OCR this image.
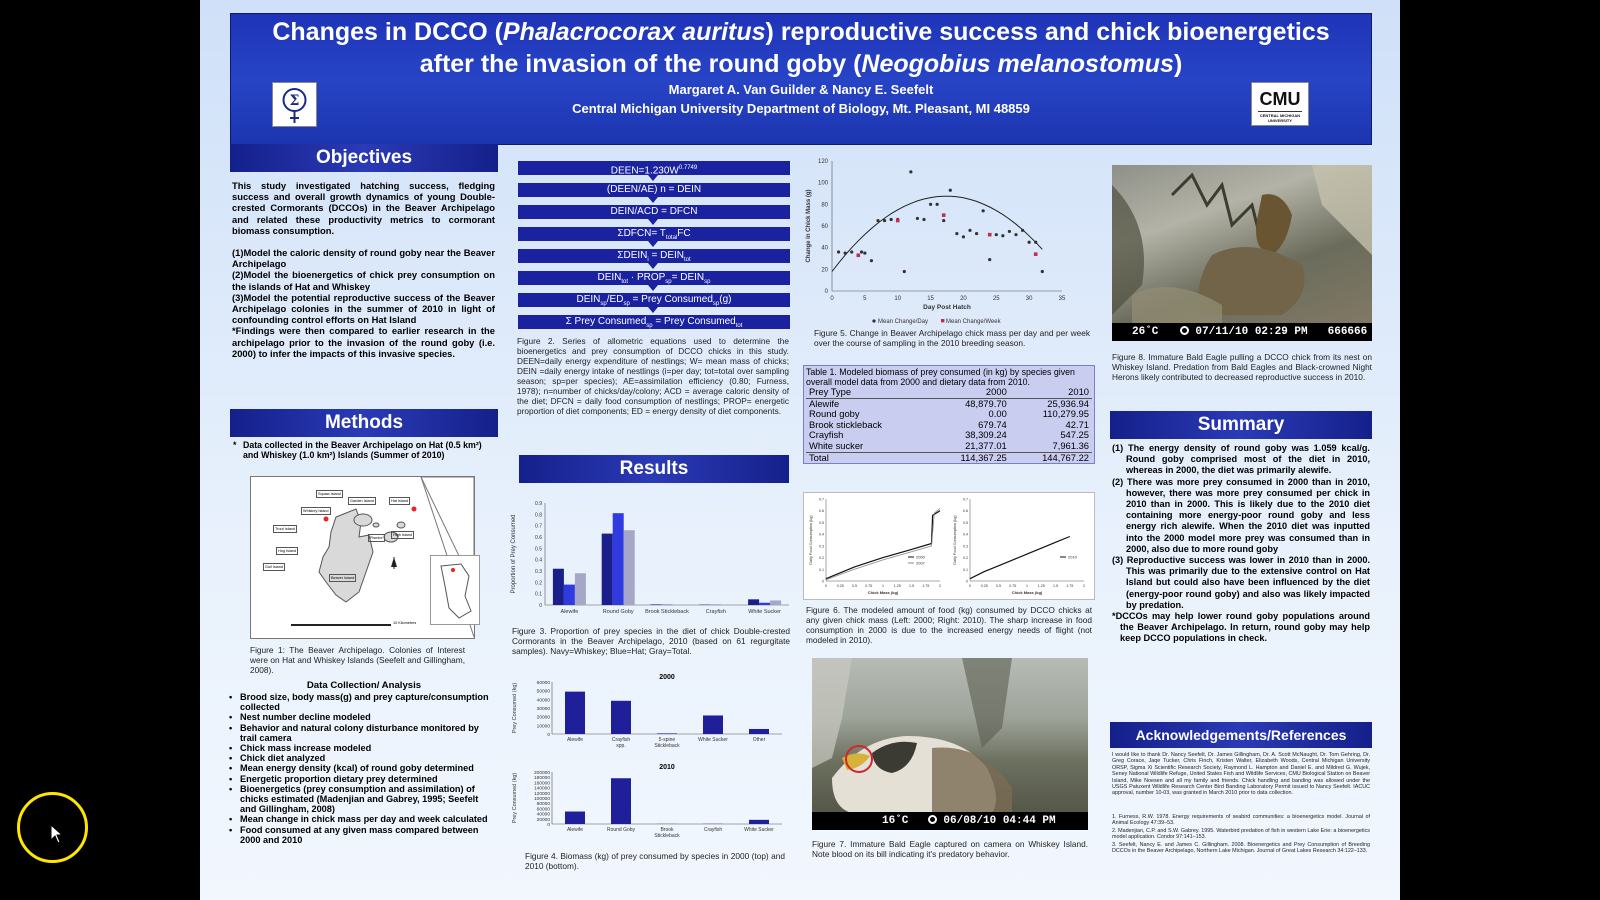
Changes in DCCO (Phalacrocorax auritus) reproductive success and chick bioenergetics
after the invasion of the round goby (Neogobius melanostomus)
Margaret A. Van Guilder & Nancy E. Seefelt
Central Michigan University Department of Biology, Mt. Pleasant, MI 48859
Σ	CMU
CENTRAL MICHIGAN UNIVERSITY
Objectives
This study investigated hatching success, fledging success and overall growth dynamics of young Double-crested Cormorants (DCCOs) in the Beaver Archipelago and related these productivity metrics to cormorant biomass consumption.
(1)Model the caloric density of round goby near the Beaver Archipelago
(2)Model the bioenergetics of chick prey consumption on the islands of Hat and Whiskey
(3)Model the potential reproductive success of the Beaver Archipelago colonies in the summer of 2010 in light of confounding control efforts on Hat Island
*Findings were then compared to earlier research in the archipelago prior to the invasion of the round goby (i.e. 2000) to infer the impacts of this invasive species.
Methods
* Data collected in the Beaver Archipelago on Hat (0.5 km²) and Whiskey (1.0 km²) Islands (Summer of 2010)
Squaw Island
Garden Island	Hat Island
Whiskey Island
Trout Island
Hog Island
High Island
Gull Island
Beaver Island
Pismire
10 Kilometers
Figure 1: The Beaver Archipelago. Colonies of Interest were on Hat and Whiskey Islands (Seefelt and Gillingham, 2008).
Data Collection/ Analysis
• Brood size, body mass(g) and prey capture/consumption collected
• Nest number decline modeled
• Behavior and natural colony disturbance monitored by trail camera
• Chick mass increase modeled
• Chick diet analyzed
• Mean energy density (kcal) of round goby determined
• Energetic proportion dietary prey determined
• Bioenergetics (prey consumption and assimilation) of chicks estimated (Madenjian and Gabrey, 1995; Seefelt and Gillingham, 2008)
• Mean change in chick mass per day and week calculated
• Food consumed at any given mass compared between 2000 and 2010
$DEEN=1.230W^{0.7749}$
(DEEN/AE) n = DEIN
DEIN/ACD = DFCN
ΣDFCN= $T_{total}FC$
$\Sigma DEIN_i$ = $DEIN_{tot}$
$DEIN_{tot}$ · $PROP_{sp}=$ $DEIN_{sp}$
$DEIN_{sp}/ED_{sp}$ = Prey Consumed$_{sp}$(g)
Σ Prey Consumed$_{sp}$ = Prey Consumed$_{tot}$
Figure 2. Series of allometric equations used to determine the bioenergetics and prey consumption of DCCO chicks in this study. DEEN=daily energy expenditure of nestlings; W= mean mass of chicks; DEIN =daily energy intake of nestlings (i=per day; tot=total over sampling season; sp=per species); AE=assimilation efficiency (0.80; Furness, 1978); n=number of chicks/day/colony; ACD = average caloric density of the diet; DFCN = daily food consumption of nestlings; PROP= energetic proportion of diet components; ED = energy density of diet components.
Results
0
0.1
0.2
0.3
0.4
0.5
0.6
0.7
0.8
0.9
Proportion of Prey Consumed
Alewife	Round Goby Brook Stickleback	Crayfish	White Sucker
Figure 3. Proportion of prey species in the diet of chick Double-crested Cormorants in the Beaver Archipelago, 2010 (based on 61 regurgitate samples). Navy=Whiskey; Blue=Hat; Gray=Total.
2000
0
10000
20000
30000
40000
50000
60000
Prey Consumed (kg)
Alewife	Crayfish
spp.
5-spine
Stickleback
White Sucker	Other
2010
0
20000
40000
60000
80000
100000
120000
140000
160000
180000
200000
Prey Consumed (kg)
Alewife	Round Goby	Brook
Stickleback
Crayfish	White Sucker
Figure 4. Biomass (kg) of prey consumed by species in 2000 (top) and 2010 (bottom).
0
20
40
60
80
100
120
0	5	10	15	20	25	30	35
Day Post Hatch
Change in Chick Mass (g)
Mean Change/Day	Mean Change/Week
Figure 5. Change in Beaver Archipelago chick mass per day and per week over the course of sampling in the 2010 breeding season.
Table 1. Modeled biomass of prey consumed (in kg) by species given overall model data from 2000 and dietary data from 2010.
Prey Type	2000	2010
Alewife	48,879.70	25,936.94
Round goby	0.00	110,279.95
Brook stickleback	679.74	42.71
Crayfish	38,309.24	547.25
White sucker	21,377.01	7,961.36
Total	114,367.25	144,767.22
0
0.1
0.2
0.3
0.4
0.5
0.6
0.7
0	0.25 0.5 0.75	1	1.25 1.5 1.75	2
Chick Mass (kg)
Daily Food Consumption (kg)	2000
2007
0
0.1
0.2
0.3
0.4
0.5
0.6
0.7
0	0.25 0.5 0.75	1	1.25 1.5 1.75	2
Chick Mass (kg)
Daily Food Consumption (kg)	2010
Figure 6. The modeled amount of food (kg) consumed by DCCO chicks at any given chick mass (Left: 2000; Right: 2010). The sharp increase in food consumption in 2000 is due to the increased energy needs of flight (not modeled in 2010).
16˚C	06/08/10 04:44 PM
Figure 7. Immature Bald Eagle captured on camera on Whiskey Island. Note blood on its bill indicating it's predatory behavior.
26˚C	07/11/10 02:29 PM 666666
Figure 8. Immature Bald Eagle pulling a DCCO chick from its nest on Whiskey Island. Predation from Bald Eagles and Black-crowned Night Herons likely contributed to decreased reproductive success in 2010.
Summary
(1) The energy density of round goby was 1.059 kcal/g. Round goby comprised most of the diet in 2010, whereas in 2000, the diet was primarily alewife.
(2) There was more prey consumed in 2000 than in 2010, however, there was more prey consumed per chick in 2010 than in 2000. This is likely due to the 2010 diet containing more energy-poor round goby and less energy rich alewife. When the 2010 diet was inputted into the 2000 model more prey was consumed than in 2000, also due to more round goby
(3) Reproductive success was lower in 2010 than in 2000. This was primarily due to the extensive control on Hat Island but could also have been influenced by the diet (energy-poor round goby) and also was likely impacted by predation.
*DCCOs may help lower round goby populations around the Beaver Archipelago. In return, round goby may help keep DCCO populations in check.
Acknowledgements/References
I would like to thank Dr. Nancy Seefelt, Dr. James Gillingham, Dr. A. Scott McNaught, Dr. Tom Gehring, Dr. Greg Corace, Jaqe Tucker, Chris Finch, Kristen Walter, Elizabeth Woods, Central Michigan University ORSP, Sigma Xi Scientific Research Society, Raymond L. Hampton and Daniel E. and Mildred G. Wujek, Seney National Wildlife Refuge, United States Fish and Wildlife Services, CMU Biological Station on Beaver Island, Mike Noesen and all my family and friends. Chick handling and banding was allowed under the USGS Patuxent Wildlife Research Center Bird Banding Laboratory Permit issued to Nancy Seefelt. IACUC approval, number 10-03, was granted in March 2010 prior to data collection.
1. Furness, R.W. 1978. Energy requirements of seabird communities: a bioenergetics model. Journal of Animal Ecology 47:39–53.
2. Madenjian, C.P. and S.W. Gabrey. 1995. Waterbird predation of fish in western Lake Erie: a bioenergetics model application. Condor 97:141–153.
3. Seefelt, Nancy E. and James C. Gillingham. 2008. Bioenergetics and Prey Consumption of Breeding DCCOs in the Beaver Archipelago, Northern Lake Michigan. Journal of Great Lakes Research 34:122–133.
